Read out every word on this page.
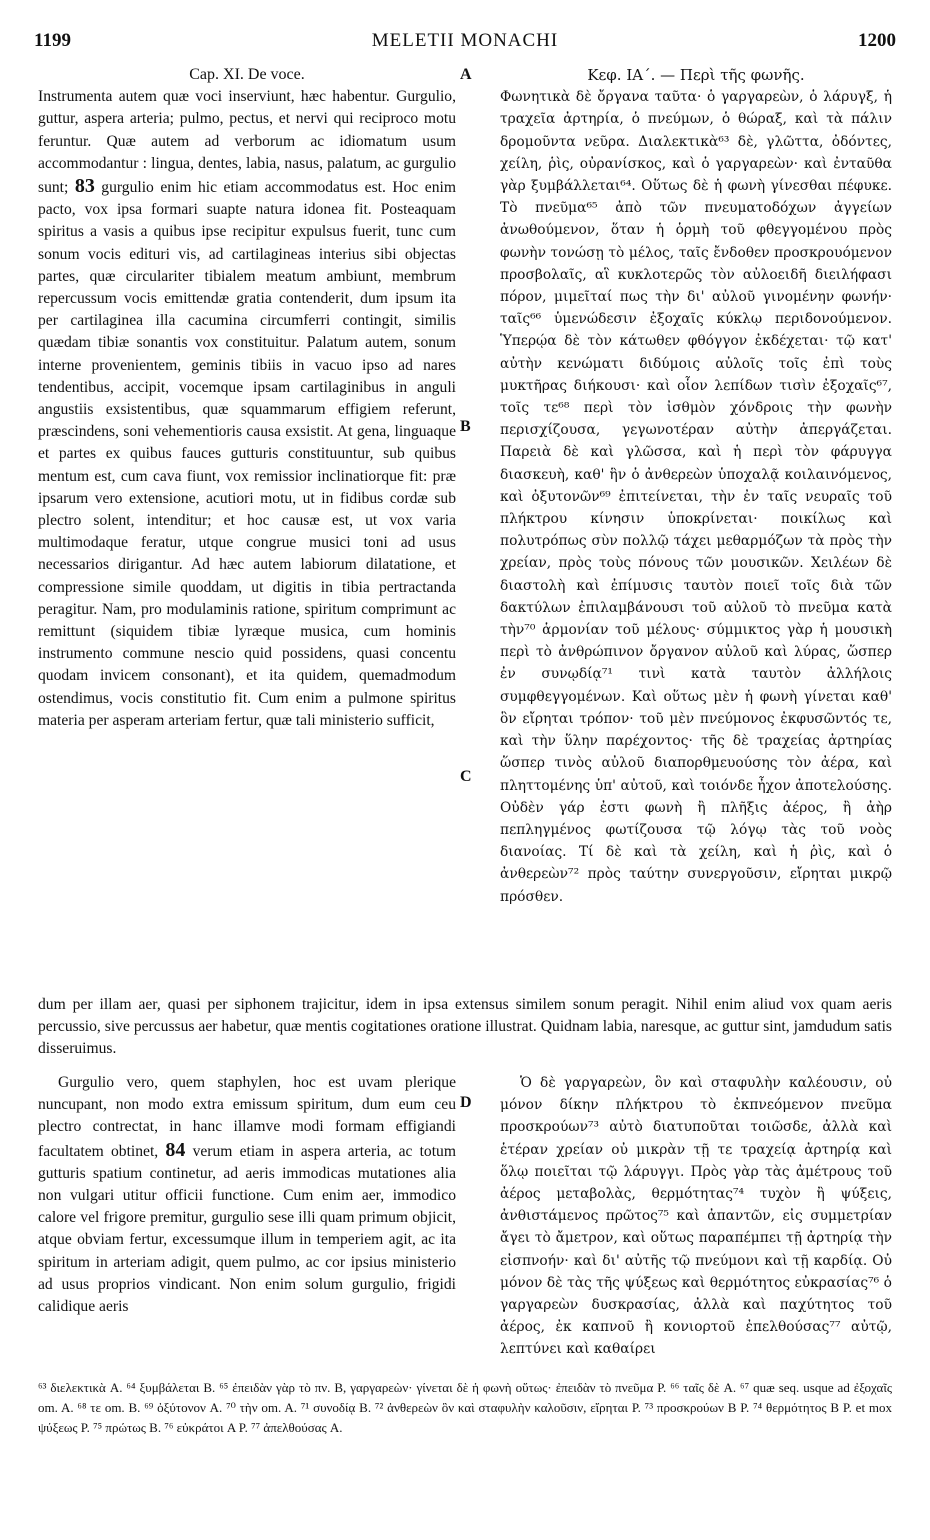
1199	MELETII MONACHI	1200
A
B
C
D

Cap. XI. De voce.

Instrumenta autem quæ voci inserviunt, hæc habentur. Gurgulio, guttur, aspera arteria; pulmo, pectus, et nervi qui reciproco motu feruntur. Quæ autem ad verborum ac idiomatum usum accommodantur : lingua, dentes, labia, nasus, palatum, ac gurgulio sunt; 83 gurgulio enim hic etiam accommodatus est. Hoc enim pacto, vox ipsa formari suapte natura idonea fit. Posteaquam spiritus a vasis a quibus ipse recipitur expulsus fuerit, tunc cum sonum vocis edituri vis, ad cartilagineas interius sibi objectas partes, quæ circulariter tibialem meatum ambiunt, membrum repercussum vocis emittendæ gratia contenderit, dum ipsum ita per cartilaginea illa cacumina circumferri contingit, similis quædam tibiæ sonantis vox constituitur. Palatum autem, sonum interne provenientem, geminis tibiis in vacuo ipso ad nares tendentibus, accipit, vocemque ipsam cartilaginibus in anguli angustiis exsistentibus, quæ squammarum effigiem referunt, præscindens, soni vehementioris causa exsistit. At gena, linguaque et partes ex quibus fauces gutturis constituuntur, sub quibus mentum est, cum cava fiunt, vox remissior inclinatiorque fit: præ ipsarum vero extensione, acutiori motu, ut in fidibus cordæ sub plectro solent, intenditur; et hoc causæ est, ut vox varia multimodaque feratur, utque congrue musici toni ad usus necessarios dirigantur. Ad hæc autem labiorum dilatatione, et compressione simile quoddam, ut digitis in tibia pertractanda peragitur. Nam, pro modulaminis ratione, spiritum comprimunt ac remittunt (siquidem tibiæ lyræque musica, cum hominis instrumento commune nescio quid possidens, quasi concentu quodam invicem consonant), et ita quidem, quemadmodum ostendimus, vocis constitutio fit. Cum enim a pulmone spiritus materia per asperam arteriam fertur, quæ tali ministerio sufficit,

Κεφ. ΙΑ΄. — Περὶ τῆς φωνῆς.

Φωνητικὰ δὲ ὄργανα ταῦτα· ὁ γαργαρεὼν, ὁ λάρυγξ, ἡ τραχεῖα ἀρτηρία, ὁ πνεύμων, ὁ θώραξ, καὶ τὰ πάλιν δρομοῦντα νεῦρα. Διαλεκτικὰ⁶³ δὲ, γλῶττα, ὀδόντες, χείλη, ῥὶς, οὐρανίσκος, καὶ ὁ γαργαρεὼν· καὶ ἐνταῦθα γὰρ ξυμβάλλεται⁶⁴. Οὕτως δὲ ἡ φωνὴ γίνεσθαι πέφυκε. Τὸ πνεῦμα⁶⁵ ἀπὸ τῶν πνευματοδόχων ἀγγείων ἀνωθούμενον, ὅταν ἡ ὁρμὴ τοῦ φθεγγομένου πρὸς φωνὴν τονώσῃ τὸ μέλος, ταῖς ἔνδοθεν προσκρουόμενον προσβολαῖς, αἳ κυκλοτερῶς τὸν αὐλοειδῆ διειλήφασι πόρον, μιμεῖταί πως τὴν δι' αὐλοῦ γινομένην φωνήν· ταῖς⁶⁶ ὑμενώδεσιν ἐξοχαῖς κύκλῳ περιδονούμενον. Ὑπερῴα δὲ τὸν κάτωθεν φθόγγον ἐκδέχεται· τῷ κατ' αὐτὴν κενώματι διδύμοις αὐλοῖς τοῖς ἐπὶ τοὺς μυκτῆρας διήκουσι· καὶ οἷον λεπίδων τισὶν ἐξοχαῖς⁶⁷, τοῖς τε⁶⁸ περὶ τὸν ἰσθμὸν χόνδροις τὴν φωνὴν περισχίζουσα, γεγωνοτέραν αὐτὴν ἀπεργάζεται. Παρειὰ δὲ καὶ γλῶσσα, καὶ ἡ περὶ τὸν φάρυγγα διασκευὴ, καθ' ἣν ὁ ἀνθερεὼν ὑποχαλᾷ κοιλαινόμενος, καὶ ὀξυτονῶν⁶⁹ ἐπιτείνεται, τὴν ἐν ταῖς νευραῖς τοῦ πλήκτρου κίνησιν ὑποκρίνεται· ποικίλως καὶ πολυτρόπως σὺν πολλῷ τάχει μεθαρμόζων τὰ πρὸς τὴν χρείαν, πρὸς τοὺς πόνους τῶν μουσικῶν. Χειλέων δὲ διαστολὴ καὶ ἐπίμυσις ταυτὸν ποιεῖ τοῖς διὰ τῶν δακτύλων ἐπιλαμβάνουσι τοῦ αὐλοῦ τὸ πνεῦμα κατὰ τὴν⁷⁰ ἁρμονίαν τοῦ μέλους· σύμμικτος γὰρ ἡ μουσικὴ περὶ τὸ ἀνθρώπινον ὄργανον αὐλοῦ καὶ λύρας, ὥσπερ ἐν συνῳδίᾳ⁷¹ τινὶ κατὰ ταυτὸν ἀλλήλοις συμφθεγγομένων. Καὶ οὕτως μὲν ἡ φωνὴ γίνεται καθ' ὃν εἴρηται τρόπον· τοῦ μὲν πνεύμονος ἐκφυσῶντός τε, καὶ τὴν ὕλην παρέχοντος· τῆς δὲ τραχείας ἀρτηρίας ὥσπερ τινὸς αὐλοῦ διαπορθμευούσης τὸν ἀέρα, καὶ πληττομένης ὑπ' αὐτοῦ, καὶ τοιόνδε ἦχον ἀποτελούσης. Οὐδὲν γάρ ἐστι φωνὴ ἢ πλῆξις ἀέρος, ἢ ἀὴρ πεπληγμένος φωτίζουσα τῷ λόγῳ τὰς τοῦ νοὸς διανοίας. Τί δὲ καὶ τὰ χείλη, καὶ ἡ ῥὶς, καὶ ὁ ἀνθερεὼν⁷² πρὸς ταύτην συνεργοῦσιν, εἴρηται μικρῷ πρόσθεν.

dum per illam aer, quasi per siphonem trajicitur, idem in ipsa extensus similem sonum peragit. Nihil enim aliud vox quam aeris percussio, sive percussus aer habetur, quæ mentis cogitationes oratione illustrat. Quidnam labia, naresque, ac guttur sint, jamdudum satis disseruimus.

Gurgulio vero, quem staphylen, hoc est uvam plerique nuncupant, non modo extra emissum spiritum, dum eum ceu plectro contrectat, in hanc illamve modi formam effigiandi facultatem obtinet, 84 verum etiam in aspera arteria, ac totum gutturis spatium continetur, ad aeris immodicas mutationes alia non vulgari utitur officii functione. Cum enim aer, immodico calore vel frigore premitur, gurgulio sese illi quam primum objicit, atque obviam fertur, excessumque illum in temperiem agit, ac ita spiritum in arteriam adigit, quem pulmo, ac cor ipsius ministerio ad usus proprios vindicant. Non enim solum gurgulio, frigidi calidique aeris

Ὁ δὲ γαργαρεὼν, ὃν καὶ σταφυλὴν καλέουσιν, οὐ μόνον δίκην πλήκτρου τὸ ἐκπνεόμενον πνεῦμα προσκρούων⁷³ αὐτὸ διατυποῦται τοιῶσδε, ἀλλὰ καὶ ἑτέραν χρείαν οὐ μικρὰν τῇ τε τραχείᾳ ἀρτηρίᾳ καὶ ὅλῳ ποιεῖται τῷ λάρυγγι. Πρὸς γὰρ τὰς ἀμέτρους τοῦ ἀέρος μεταβολὰς, θερμότητας⁷⁴ τυχὸν ἢ ψύξεις, ἀνθιστάμενος πρῶτος⁷⁵ καὶ ἀπαντῶν, εἰς συμμετρίαν ἄγει τὸ ἄμετρον, καὶ οὕτως παραπέμπει τῇ ἀρτηρίᾳ τὴν εἰσπνοήν· καὶ δι' αὐτῆς τῷ πνεύμονι καὶ τῇ καρδίᾳ. Οὐ μόνον δὲ τὰς τῆς ψύξεως καὶ θερμότητος εὐκρασίας⁷⁶ ὁ γαργαρεὼν δυσκρασίας, ἀλλὰ καὶ παχύτητος τοῦ ἀέρος, ἐκ καπνοῦ ἢ κονιορτοῦ ἐπελθούσας⁷⁷ αὐτῷ, λεπτύνει καὶ καθαίρει

⁶³ διελεκτικὰ A. ⁶⁴ ξυμβάλεται B. ⁶⁵ ἐπειδὰν γὰρ τὸ πν. B, γαργαρεὼν· γίνεται δὲ ἡ φωνὴ οὕτως· ἐπειδὰν τὸ πνεῦμα P. ⁶⁶ ταῖς δὲ A. ⁶⁷ quæ seq. usque ad ἐξοχαῖς om. A. ⁶⁸ τε om. B. ⁶⁹ ὀξύτονον A. ⁷⁰ τὴν om. A. ⁷¹ συνοδίᾳ B. ⁷² ἀνθερεὼν ὃν καὶ σταφυλὴν καλοῦσιν, εἴρηται P. ⁷³ προσκρούων B P. ⁷⁴ θερμότητος B P. et mox ψύξεως P. ⁷⁵ πρώτως B. ⁷⁶ εὐκράτοι A P. ⁷⁷ ἀπελθούσας A.
